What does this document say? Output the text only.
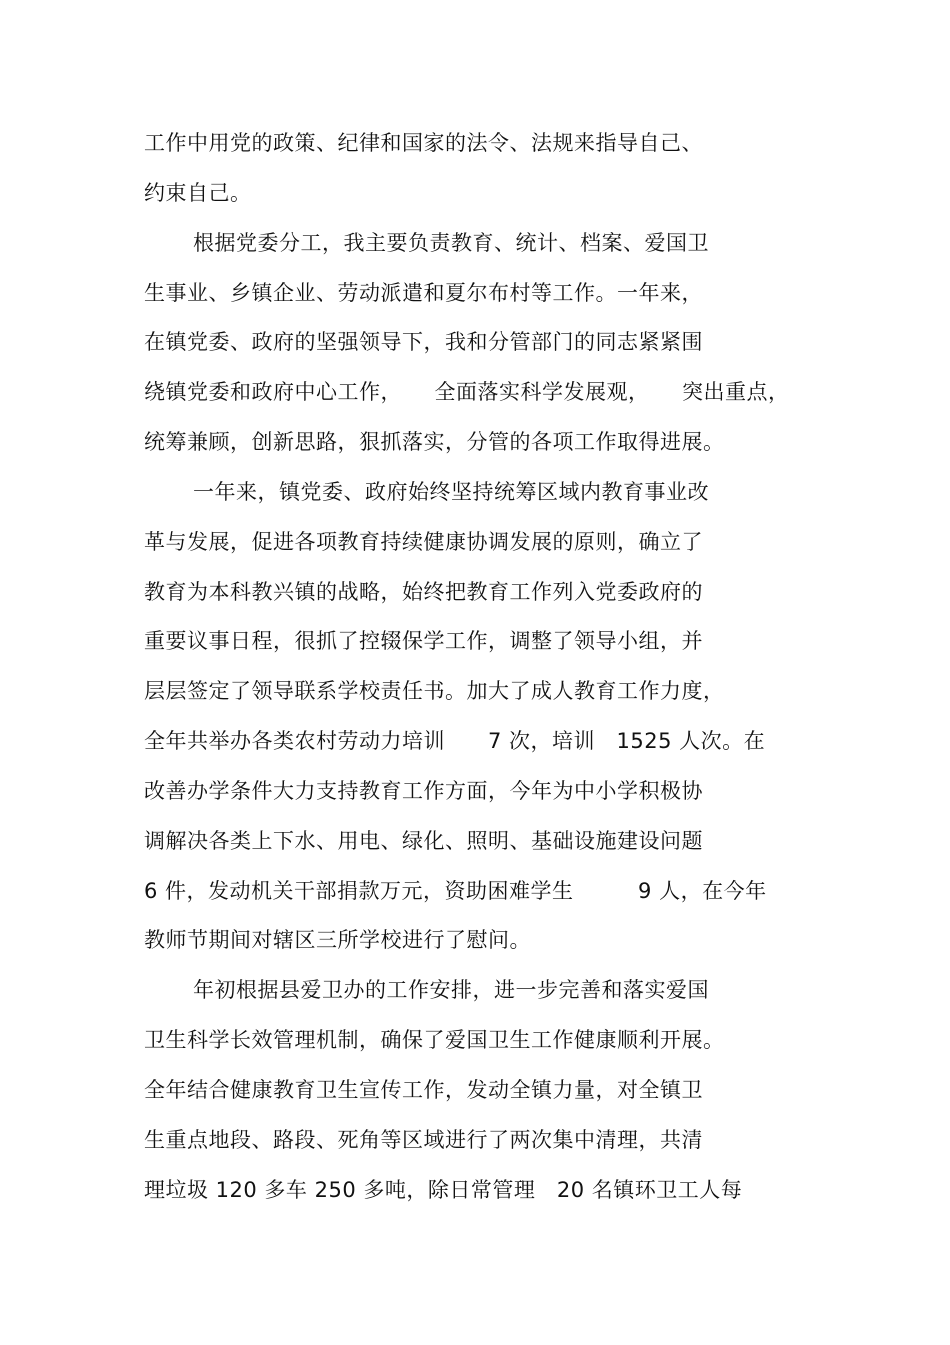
工作中用党的政策、纪律和国家的法令、法规来指导自己、
约束自己。
根据党委分工，我主要负责教育、统计、档案、爱国卫
生事业、乡镇企业、劳动派遣和夏尔布村等工作。一年来，
在镇党委、政府的坚强领导下，我和分管部门的同志紧紧围
绕镇党委和政府中心工作，　　全面落实科学发展观，　　突出重点，
统筹兼顾，创新思路，狠抓落实，分管的各项工作取得进展。
一年来，镇党委、政府始终坚持统筹区域内教育事业改
革与发展，促进各项教育持续健康协调发展的原则，确立了
教育为本科教兴镇的战略，始终把教育工作列入党委政府的
重要议事日程，很抓了控辍保学工作，调整了领导小组，并
层层签定了领导联系学校责任书。加大了成人教育工作力度，
全年共举办各类农村劳动力培训　　7 次，培训　1525 人次。在
改善办学条件大力支持教育工作方面，今年为中小学积极协
调解决各类上下水、用电、绿化、照明、基础设施建设问题
6 件，发动机关干部捐款万元，资助困难学生　　　9 人，在今年
教师节期间对辖区三所学校进行了慰问。
年初根据县爱卫办的工作安排，进一步完善和落实爱国
卫生科学长效管理机制，确保了爱国卫生工作健康顺利开展。
全年结合健康教育卫生宣传工作，发动全镇力量，对全镇卫
生重点地段、路段、死角等区域进行了两次集中清理，共清
理垃圾 120 多车 250 多吨，除日常管理　20 名镇环卫工人每
